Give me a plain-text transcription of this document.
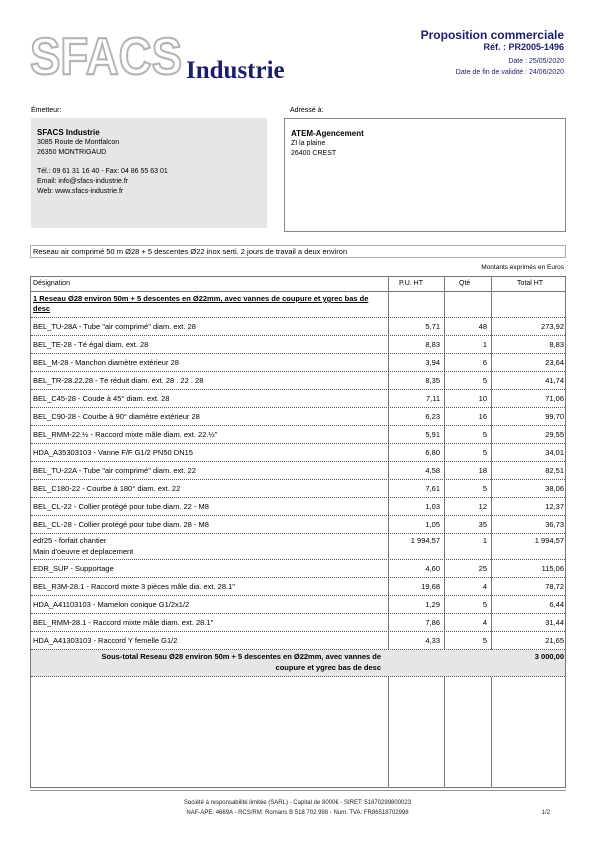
SFACS Industrie
Proposition commerciale
Réf. : PR2005-1496
Date : 25/05/2020
Date de fin de validité : 24/06/2020
Émetteur:	Adressé à:
SFACS Industrie
3085 Route de Montfalcon
26350 MONTRIGAUD
Tél.: 09 61 31 16 40 - Fax: 04 86 55 63 01
Email: info@sfacs-industrie.fr
Web: www.sfacs-industrie.fr
ATEM-Agencement
ZI la plaine
26400 CREST
Reseau air comprimé 50 m Ø28 + 5 descentes Ø22 inox serti. 2 jours de travail a deux environ
Montants exprimés en Euros
Désignation	P.U. HT	Qté	Total HT
1 Reseau Ø28 environ 50m + 5 descentes en Ø22mm, avec vannes de coupure et ygrec bas de desc
BEL_TU-28A - Tube "air comprimé" diam. ext. 28	5,71	48	273,92
BEL_TE-28 - Té égal diam. ext. 28	8,83	1	8,83
BEL_M-28 - Manchon diamètre extérieur 28	3,94	6	23,64
BEL_TR-28.22.28 - Té réduit diam. ext. 28 . 22 . 28	8,35	5	41,74
BEL_C45-28 - Coude à 45° diam. ext. 28	7,11	10	71,06
BEL_C90-28 - Courbe à 90° diamètre extérieur 28	6,23	16	99,70
BEL_RMM-22.½ - Raccord mixte mâle diam. ext. 22.½"	5,91	5	29,55
HDA_A35303103 - Vanne F/F G1/2 PN50 DN15	6,80	5	34,01
BEL_TU-22A - Tube "air comprimé" diam. ext. 22	4,58	18	82,51
BEL_C180-22 - Courbe à 180° diam. ext. 22	7,61	5	38,06
BEL_CL-22 - Collier protégé pour tube diam. 22 - M8	1,03	12	12,37
BEL_CL-28 - Collier protégé pour tube diam. 28 - M8	1,05	35	36,73
edr25 - forfait chantier
Main d'oeuvre et deplacement
1 994,57	1	1 994,57
EDR_SUP - Supportage	4,60	25	115,06
BEL_R3M-28.1 - Raccord mixte 3 pièces mâle dia. ext. 28.1"	19,68	4	78,72
HDA_A41103103 - Mamelon conique G1/2x1/2	1,29	5	6,44
BEL_RMM-28.1 - Raccord mixte mâle diam. ext. 28.1"	7,86	4	31,44
HDA_A41303103 - Raccord Y femelle G1/2	4,33	5	21,65
Sous-total Reseau Ø28 environ 50m + 5 descentes en Ø22mm, avec vannes de
coupure et ygrec bas de desc
3 000,00
Société à responsabilité limitée (SARL) - Capital de 8000€ - SIRET: 51870299800023
NAF-APE: 4669A - RCS/RM: Romans B 518 702 998 - Num. TVA: FR86518702998	1/2
